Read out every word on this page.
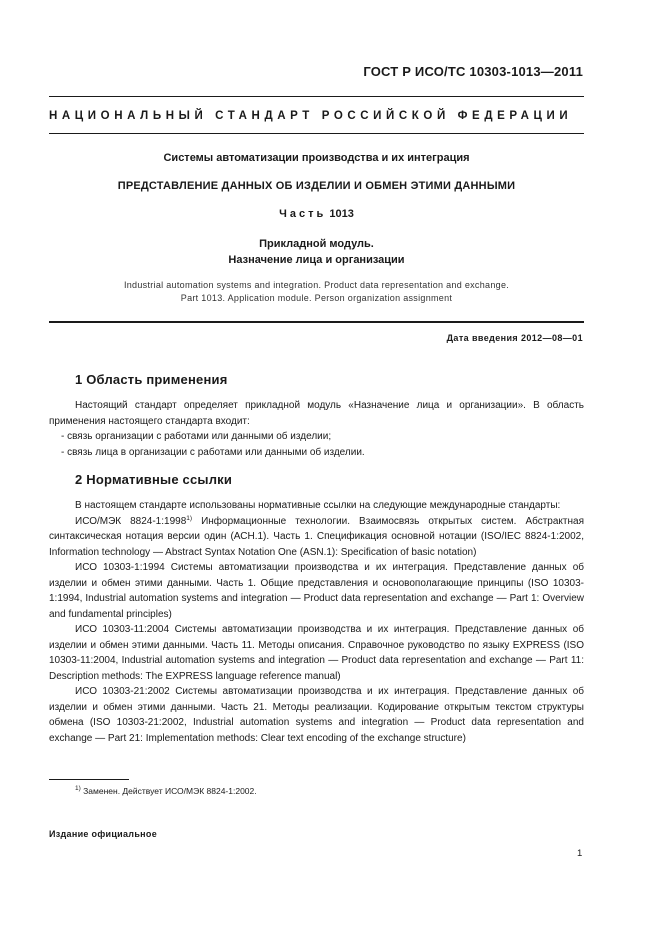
ГОСТ Р ИСО/ТС 10303-1013—2011
НАЦИОНАЛЬНЫЙ СТАНДАРТ РОССИЙСКОЙ ФЕДЕРАЦИИ
Системы автоматизации производства и их интеграция
ПРЕДСТАВЛЕНИЕ ДАННЫХ ОБ ИЗДЕЛИИ И ОБМЕН ЭТИМИ ДАННЫМИ
Часть 1013
Прикладной модуль.
Назначение лица и организации
Industrial automation systems and integration. Product data representation and exchange.
Part 1013. Application module. Person organization assignment
Дата введения 2012—08—01
1 Область применения

Настоящий стандарт определяет прикладной модуль «Назначение лица и организации». В область применения настоящего стандарта входит:

- связь организации с работами или данными об изделии;

- связь лица в организации с работами или данными об изделии.

2 Нормативные ссылки

В настоящем стандарте использованы нормативные ссылки на следующие международные стандарты:

ИСО/МЭК 8824-1:1998$^{1)}$ Информационные технологии. Взаимосвязь открытых систем. Абстрактная синтаксическая нотация версии один (АСН.1). Часть 1. Спецификация основной нотации (ISO/IEC 8824-1:2002, Information technology — Abstract Syntax Notation One (ASN.1): Specification of basic notation)

ИСО 10303-1:1994 Системы автоматизации производства и их интеграция. Представление данных об изделии и обмен этими данными. Часть 1. Общие представления и основополагающие принципы (ISO 10303-1:1994, Industrial automation systems and integration — Product data representation and exchange — Part 1: Overview and fundamental principles)

ИСО 10303-11:2004 Системы автоматизации производства и их интеграция. Представление данных об изделии и обмен этими данными. Часть 11. Методы описания. Справочное руководство по языку EXPRESS (ISO 10303-11:2004, Industrial automation systems and integration — Product data representation and exchange — Part 11: Description methods: The EXPRESS language reference manual)

ИСО 10303-21:2002 Системы автоматизации производства и их интеграция. Представление данных об изделии и обмен этими данными. Часть 21. Методы реализации. Кодирование открытым текстом структуры обмена (ISO 10303-21:2002, Industrial automation systems and integration — Product data representation and exchange — Part 21: Implementation methods: Clear text encoding of the exchange structure)

$^{1)}$ Заменен. Действует ИСО/МЭК 8824-1:2002.
Издание официальное
1
